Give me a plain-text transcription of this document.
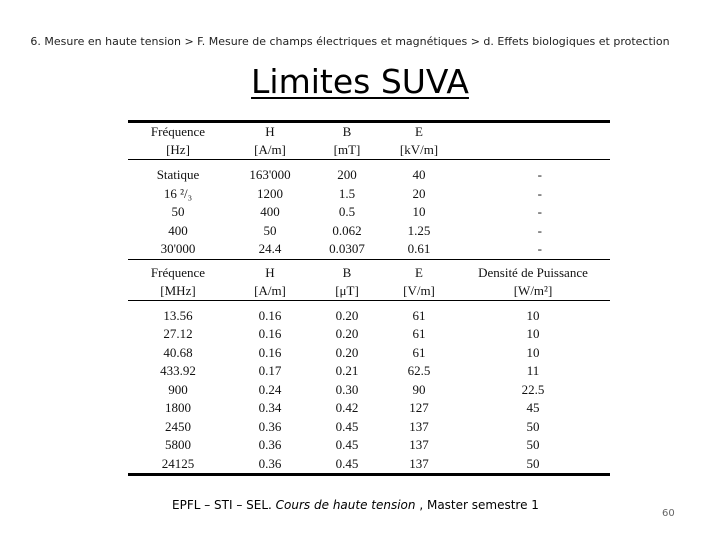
6. Mesure en haute tension > F. Mesure de champs électriques et magnétiques > d. Effets biologiques et protection
Limites SUVA
Fréquence	H	B	E
[Hz]	[A/m]	[mT]	[kV/m]
Statique	163'000	200	40	-
16 ²/₃	1200	1.5	20	-
50	400	0.5	10	-
400	50	0.062	1.25	-
30'000	24.4	0.0307	0.61	-
Fréquence	H	B	E	Densité de Puissance
[MHz]	[A/m]	[μT]	[V/m]	[W/m²]
13.56	0.16	0.20	61	10
27.12	0.16	0.20	61	10
40.68	0.16	0.20	61	10
433.92	0.17	0.21	62.5	11
900	0.24	0.30	90	22.5
1800	0.34	0.42	127	45
2450	0.36	0.45	137	50
5800	0.36	0.45	137	50
24125	0.36	0.45	137	50
EPFL – STI – SEL. Cours de haute tension , Master semestre 1
60
